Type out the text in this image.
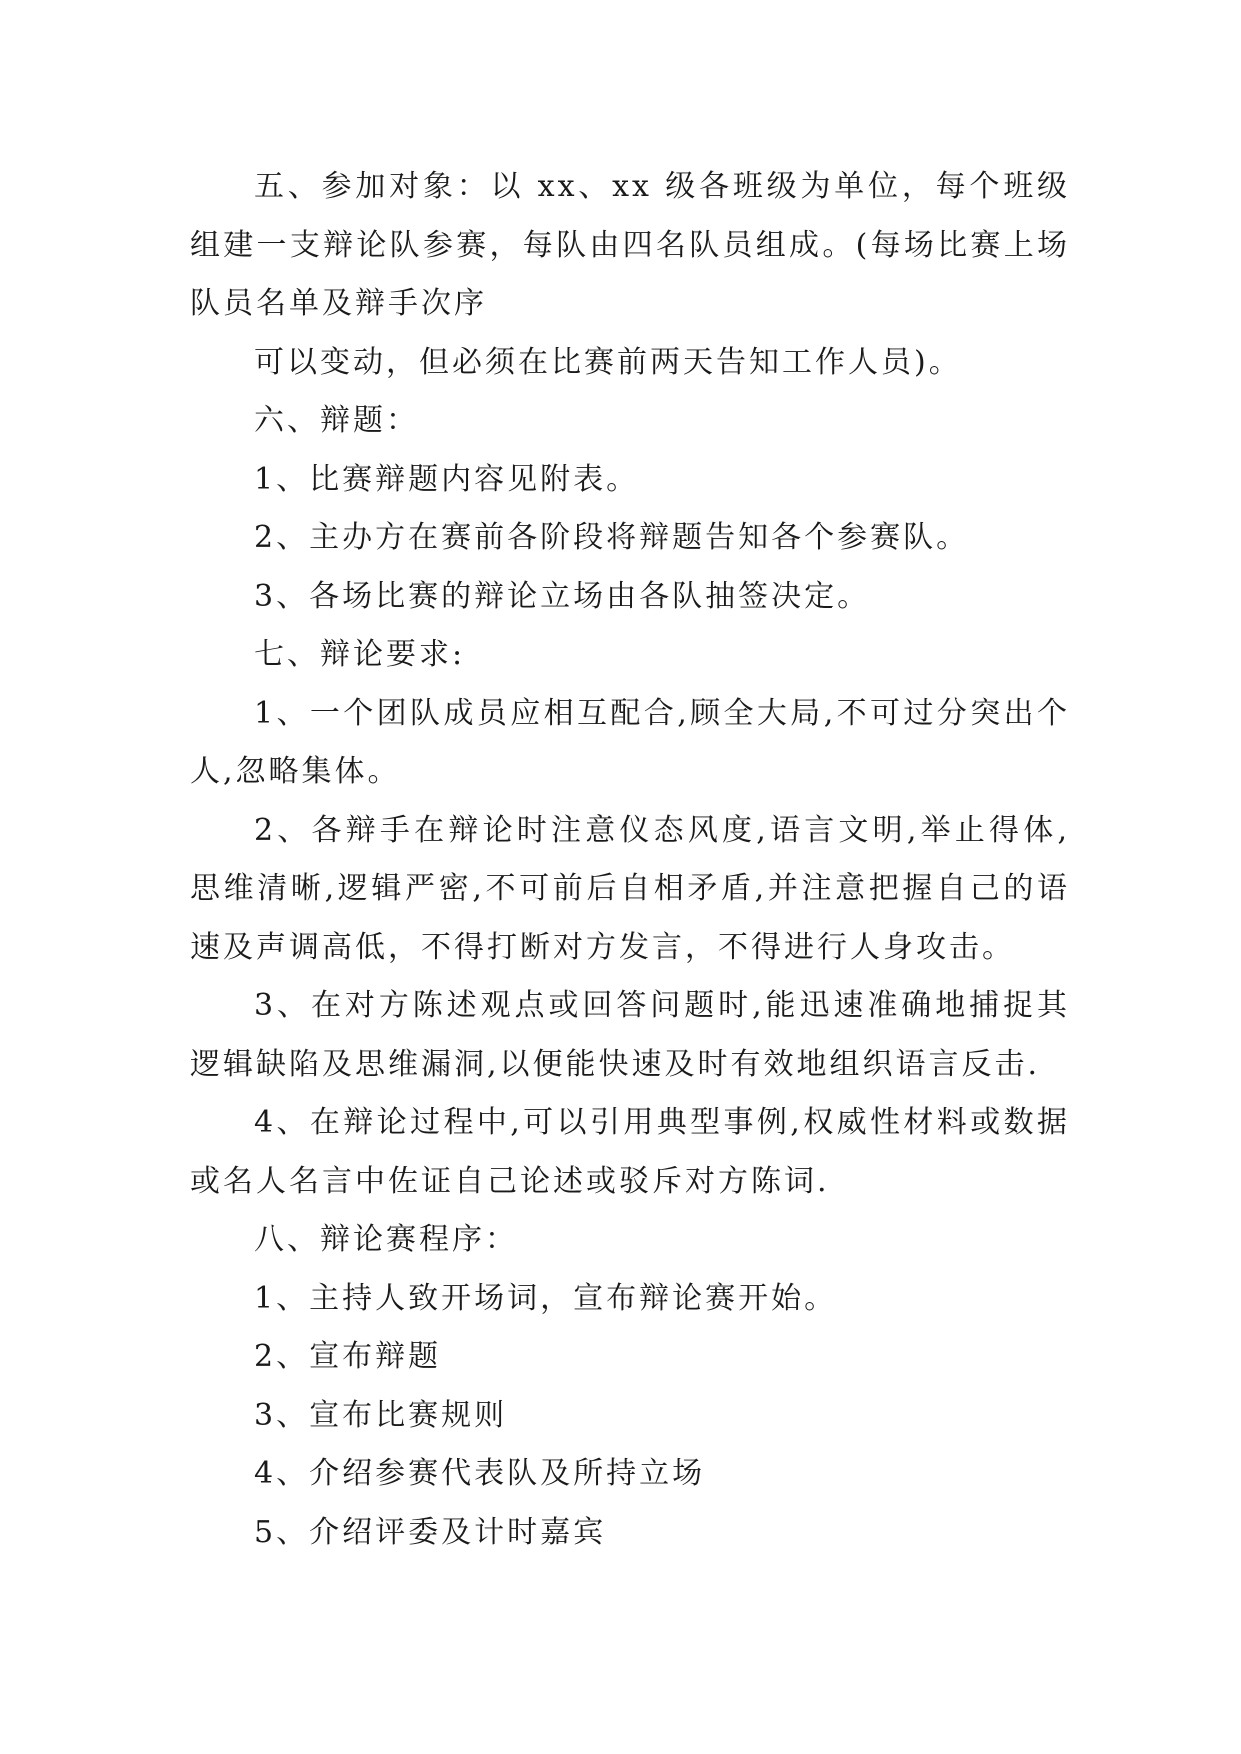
五、参加对象：以 xx、xx 级各班级为单位，每个班级组建一支辩论队参赛，每队由四名队员组成。(每场比赛上场队员名单及辩手次序

可以变动，但必须在比赛前两天告知工作人员)。

六、辩题：

1、比赛辩题内容见附表。

2、主办方在赛前各阶段将辩题告知各个参赛队。

3、各场比赛的辩论立场由各队抽签决定。

七、辩论要求:

1、一个团队成员应相互配合,顾全大局,不可过分突出个人,忽略集体。

2、各辩手在辩论时注意仪态风度,语言文明,举止得体,思维清晰,逻辑严密,不可前后自相矛盾,并注意把握自己的语速及声调高低，不得打断对方发言，不得进行人身攻击。

3、在对方陈述观点或回答问题时,能迅速准确地捕捉其逻辑缺陷及思维漏洞,以便能快速及时有效地组织语言反击.

4、在辩论过程中,可以引用典型事例,权威性材料或数据或名人名言中佐证自己论述或驳斥对方陈词.

八、辩论赛程序：

1、主持人致开场词，宣布辩论赛开始。

2、宣布辩题

3、宣布比赛规则

4、介绍参赛代表队及所持立场

5、介绍评委及计时嘉宾
